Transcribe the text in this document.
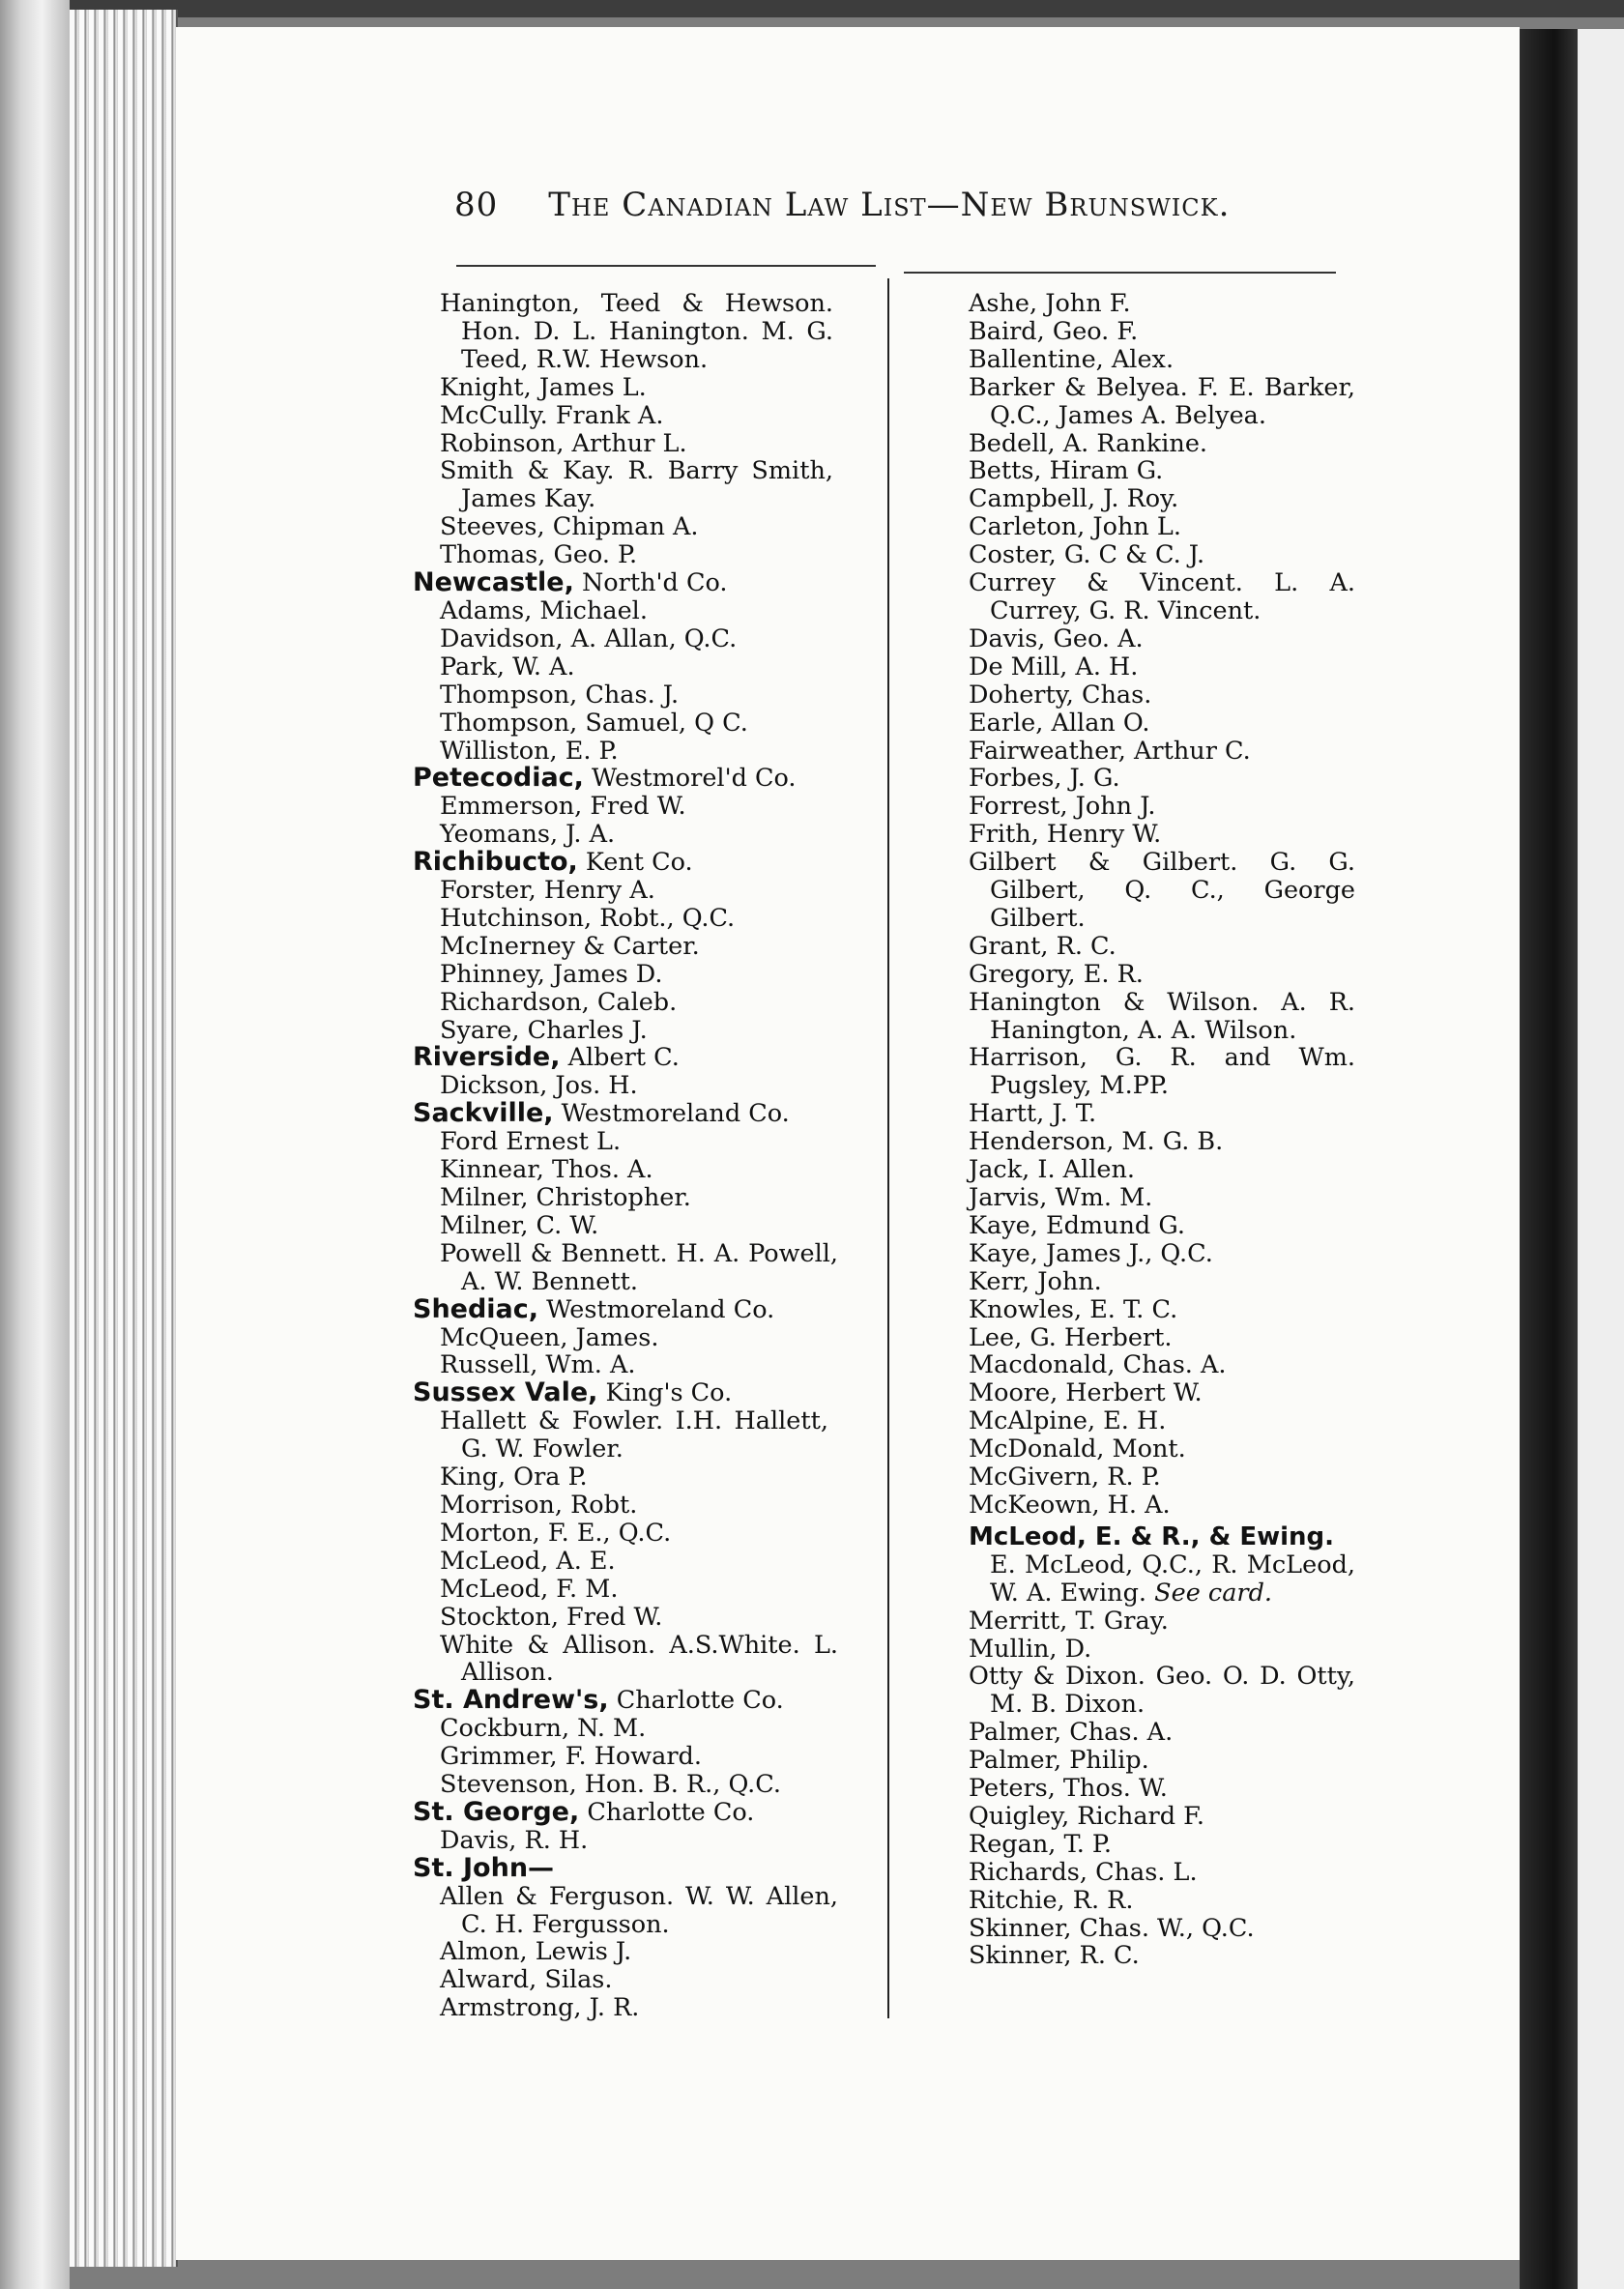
80 The Canadian Law List—New Brunswick.
Hanington, Teed & Hewson. Hon. D. L. Hanington. M. G. Teed, R.W. Hewson.
Knight, James L.
McCully. Frank A.
Robinson, Arthur L.
Smith & Kay. R. Barry Smith, James Kay.
Steeves, Chipman A.
Thomas, Geo. P.
Newcastle, North'd Co.
Adams, Michael.
Davidson, A. Allan, Q.C.
Park, W. A.
Thompson, Chas. J.
Thompson, Samuel, Q C.
Williston, E. P.
Petecodiac, Westmorel'd Co.
Emmerson, Fred W.
Yeomans, J. A.
Richibucto, Kent Co.
Forster, Henry A.
Hutchinson, Robt., Q.C.
McInerney & Carter.
Phinney, James D.
Richardson, Caleb.
Syare, Charles J.
Riverside, Albert C.
Dickson, Jos. H.
Sackville, Westmoreland Co.
Ford Ernest L.
Kinnear, Thos. A.
Milner, Christopher.
Milner, C. W.
Powell & Bennett. H. A. Powell, A. W. Bennett.
Shediac, Westmoreland Co.
McQueen, James.
Russell, Wm. A.
Sussex Vale, King's Co.
Hallett & Fowler. I.H. Hallett, G. W. Fowler.
King, Ora P.
Morrison, Robt.
Morton, F. E., Q.C.
McLeod, A. E.
McLeod, F. M.
Stockton, Fred W.
White & Allison. A.S.White. L. Allison.
St. Andrew's, Charlotte Co.
Cockburn, N. M.
Grimmer, F. Howard.
Stevenson, Hon. B. R., Q.C.
St. George, Charlotte Co.
Davis, R. H.
St. John—
Allen & Ferguson. W. W. Allen, C. H. Fergusson.
Almon, Lewis J.
Alward, Silas.
Armstrong, J. R.
Ashe, John F.
Baird, Geo. F.
Ballentine, Alex.
Barker & Belyea. F. E. Barker, Q.C., James A. Belyea.
Bedell, A. Rankine.
Betts, Hiram G.
Campbell, J. Roy.
Carleton, John L.
Coster, G. C & C. J.
Currey & Vincent. L. A. Currey, G. R. Vincent.
Davis, Geo. A.
De Mill, A. H.
Doherty, Chas.
Earle, Allan O.
Fairweather, Arthur C.
Forbes, J. G.
Forrest, John J.
Frith, Henry W.
Gilbert & Gilbert. G. G. Gilbert, Q. C., George Gilbert.
Grant, R. C.
Gregory, E. R.
Hanington & Wilson. A. R. Hanington, A. A. Wilson.
Harrison, G. R. and Wm. Pugsley, M.PP.
Hartt, J. T.
Henderson, M. G. B.
Jack, I. Allen.
Jarvis, Wm. M.
Kaye, Edmund G.
Kaye, James J., Q.C.
Kerr, John.
Knowles, E. T. C.
Lee, G. Herbert.
Macdonald, Chas. A.
Moore, Herbert W.
McAlpine, E. H.
McDonald, Mont.
McGivern, R. P.
McKeown, H. A.
McLeod, E. & R., & Ewing.
E. McLeod, Q.C., R. McLeod, W. A. Ewing. See card.
Merritt, T. Gray.
Mullin, D.
Otty & Dixon. Geo. O. D. Otty, M. B. Dixon.
Palmer, Chas. A.
Palmer, Philip.
Peters, Thos. W.
Quigley, Richard F.
Regan, T. P.
Richards, Chas. L.
Ritchie, R. R.
Skinner, Chas. W., Q.C.
Skinner, R. C.
